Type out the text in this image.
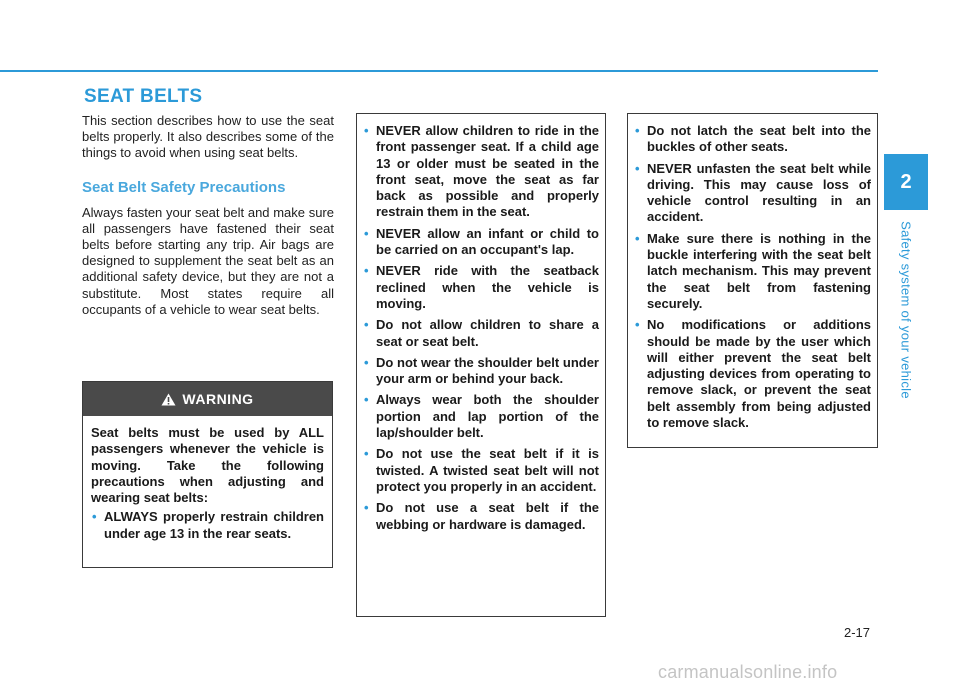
SEAT BELTS

This section describes how to use the seat belts properly. It also describes some of the things to avoid when using seat belts.

Seat Belt Safety Precautions

Always fasten your seat belt and make sure all passengers have fastened their seat belts before starting any trip. Air bags are designed to supplement the seat belt as an additional safety device, but they are not a substitute. Most states require all occupants of a vehicle to wear seat belts.

WARNING

Seat belts must be used by ALL passengers whenever the vehicle is moving. Take the following precautions when adjusting and wearing seat belts:

• ALWAYS properly restrain children under age 13 in the rear seats.
• NEVER allow children to ride in the front passenger seat. If a child age 13 or older must be seated in the front seat, move the seat as far back as possible and properly restrain them in the seat.
• NEVER allow an infant or child to be carried on an occupant's lap.
• NEVER ride with the seatback reclined when the vehicle is moving.
• Do not allow children to share a seat or seat belt.
• Do not wear the shoulder belt under your arm or behind your back.
• Always wear both the shoulder portion and lap portion of the lap/shoulder belt.
• Do not use the seat belt if it is twisted. A twisted seat belt will not protect you properly in an accident.
• Do not use a seat belt if the webbing or hardware is damaged.
• Do not latch the seat belt into the buckles of other seats.
• NEVER unfasten the seat belt while driving. This may cause loss of vehicle control resulting in an accident.
• Make sure there is nothing in the buckle interfering with the seat belt latch mechanism. This may prevent the seat belt from fastening securely.
• No modifications or additions should be made by the user which will either prevent the seat belt adjusting devices from operating to remove slack, or prevent the seat belt assembly from being adjusted to remove slack.
2
Safety system of your vehicle
2-17
carmanualsonline.info
